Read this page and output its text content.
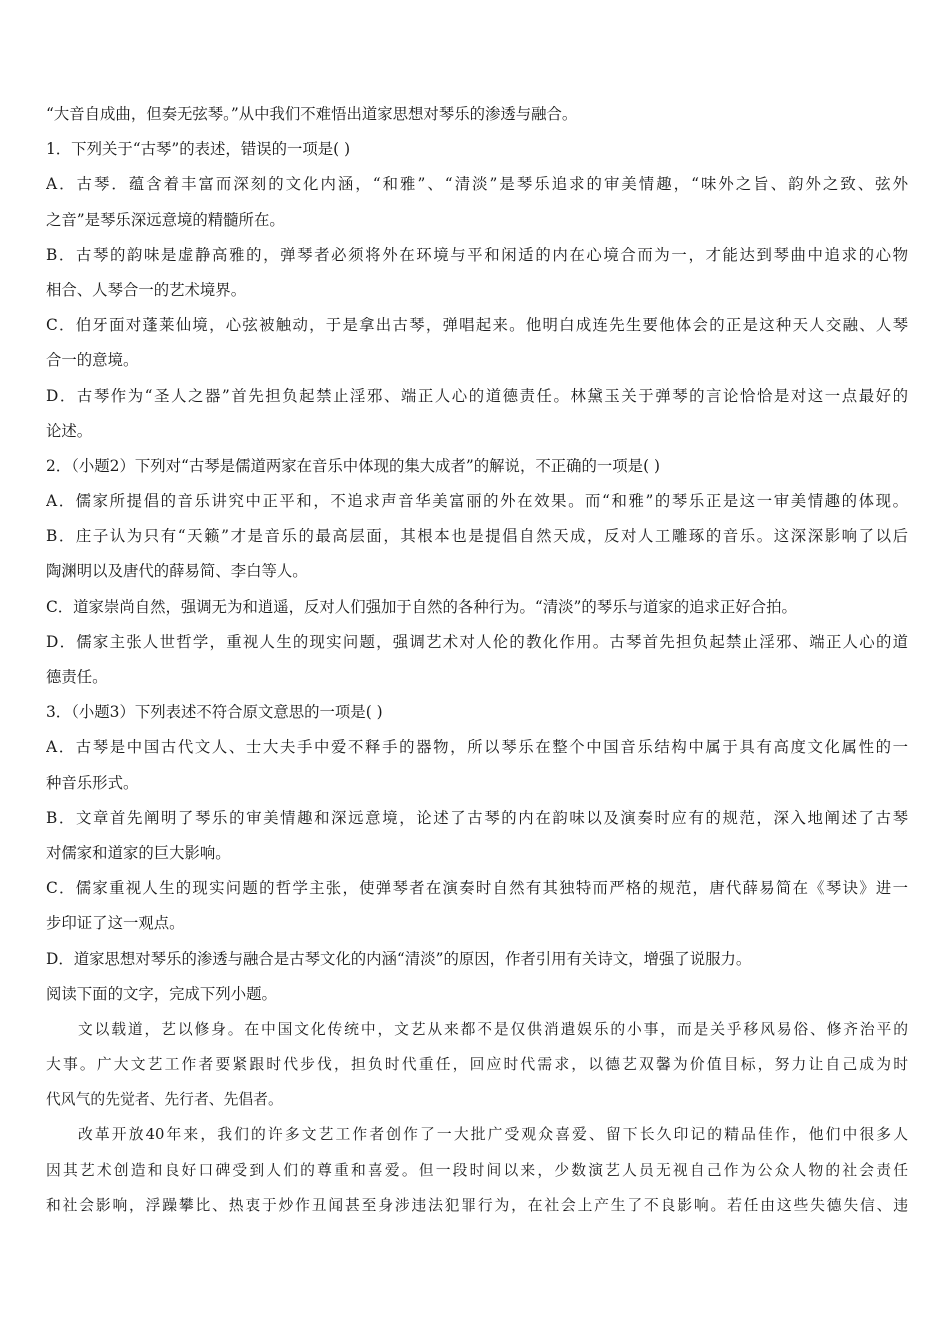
“大音自成曲，但奏无弦琴。”从中我们不难悟出道家思想对琴乐的渗透与融合。
1．下列关于“古琴”的表述，错误的一项是( )
A．古琴．蕴含着丰富而深刻的文化内涵，“和雅”、“清淡”是琴乐追求的审美情趣，“味外之旨、韵外之致、弦外
之音”是琴乐深远意境的精髓所在。
B．古琴的韵味是虚静高雅的，弹琴者必须将外在环境与平和闲适的内在心境合而为一，才能达到琴曲中追求的心物
相合、人琴合一的艺术境界。
C．伯牙面对蓬莱仙境，心弦被触动，于是拿出古琴，弹唱起来。他明白成连先生要他体会的正是这种天人交融、人琴
合一的意境。
D．古琴作为“圣人之器”首先担负起禁止淫邪、端正人心的道德责任。林黛玉关于弹琴的言论恰恰是对这一点最好的
论述。
2．（小题2）下列对“古琴是儒道两家在音乐中体现的集大成者”的解说，不正确的一项是( )
A．儒家所提倡的音乐讲究中正平和，不追求声音华美富丽的外在效果。而“和雅”的琴乐正是这一审美情趣的体现。
B．庄子认为只有“天籁”才是音乐的最高层面，其根本也是提倡自然天成，反对人工雕琢的音乐。这深深影响了以后
陶渊明以及唐代的薛易简、李白等人。
C．道家崇尚自然，强调无为和逍遥，反对人们强加于自然的各种行为。“清淡”的琴乐与道家的追求正好合拍。
D．儒家主张人世哲学，重视人生的现实问题，强调艺术对人伦的教化作用。古琴首先担负起禁止淫邪、端正人心的道
德责任。
3．（小题3）下列表述不符合原文意思的一项是( )
A．古琴是中国古代文人、士大夫手中爱不释手的器物，所以琴乐在整个中国音乐结构中属于具有高度文化属性的一
种音乐形式。
B．文章首先阐明了琴乐的审美情趣和深远意境，论述了古琴的内在韵味以及演奏时应有的规范，深入地阐述了古琴
对儒家和道家的巨大影响。
C．儒家重视人生的现实问题的哲学主张，使弹琴者在演奏时自然有其独特而严格的规范，唐代薛易简在《琴诀》进一
步印证了这一观点。
D．道家思想对琴乐的渗透与融合是古琴文化的内涵“清淡”的原因，作者引用有关诗文，增强了说服力。
阅读下面的文字，完成下列小题。
文以载道，艺以修身。在中国文化传统中，文艺从来都不是仅供消遣娱乐的小事，而是关乎移风易俗、修齐治平的
大事。广大文艺工作者要紧跟时代步伐，担负时代重任，回应时代需求，以德艺双馨为价值目标，努力让自己成为时
代风气的先觉者、先行者、先倡者。
改革开放40年来，我们的许多文艺工作者创作了一大批广受观众喜爱、留下长久印记的精品佳作，他们中很多人
因其艺术创造和良好口碑受到人们的尊重和喜爱。但一段时间以来，少数演艺人员无视自己作为公众人物的社会责任
和社会影响，浮躁攀比、热衷于炒作丑闻甚至身涉违法犯罪行为，在社会上产生了不良影响。若任由这些失德失信、违
